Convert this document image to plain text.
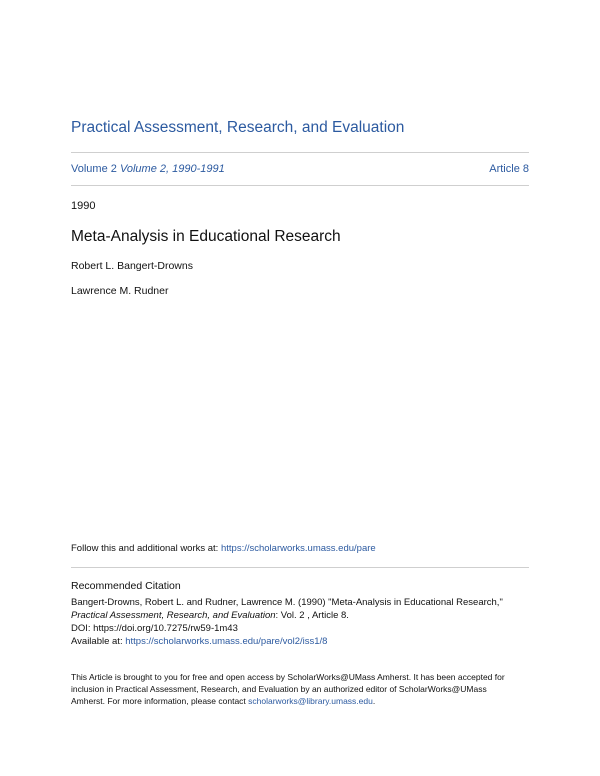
Practical Assessment, Research, and Evaluation
Volume 2 Volume 2, 1990-1991	Article 8
1990
Meta-Analysis in Educational Research
Robert L. Bangert-Drowns
Lawrence M. Rudner
Follow this and additional works at: https://scholarworks.umass.edu/pare
Recommended Citation
Bangert-Drowns, Robert L. and Rudner, Lawrence M. (1990) "Meta-Analysis in Educational Research,"
Practical Assessment, Research, and Evaluation: Vol. 2 , Article 8.
DOI: https://doi.org/10.7275/rw59-1m43
Available at: https://scholarworks.umass.edu/pare/vol2/iss1/8
This Article is brought to you for free and open access by ScholarWorks@UMass Amherst. It has been accepted for
inclusion in Practical Assessment, Research, and Evaluation by an authorized editor of ScholarWorks@UMass
Amherst. For more information, please contact scholarworks@library.umass.edu.
